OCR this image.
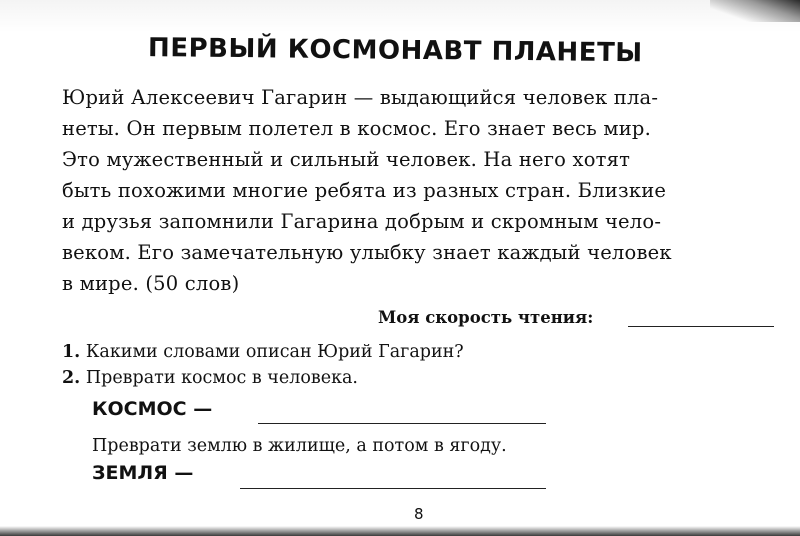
ПЕРВЫЙ КОСМОНАВТ ПЛАНЕТЫ
Юрий Алексеевич Гагарин — выдающийся человек пла-
неты. Он первым полетел в космос. Его знает весь мир.
Это мужественный и сильный человек. На него хотят
быть похожими многие ребята из разных стран. Близкие
и друзья запомнили Гагарина добрым и скромным чело-
веком. Его замечательную улыбку знает каждый человек
в мире. (50 слов)
Моя скорость чтения:
1. Какими словами описан Юрий Гагарин?
2. Преврати космос в человека.
КОСМОС —
Преврати землю в жилище, а потом в ягоду.
ЗЕМЛЯ —
8
